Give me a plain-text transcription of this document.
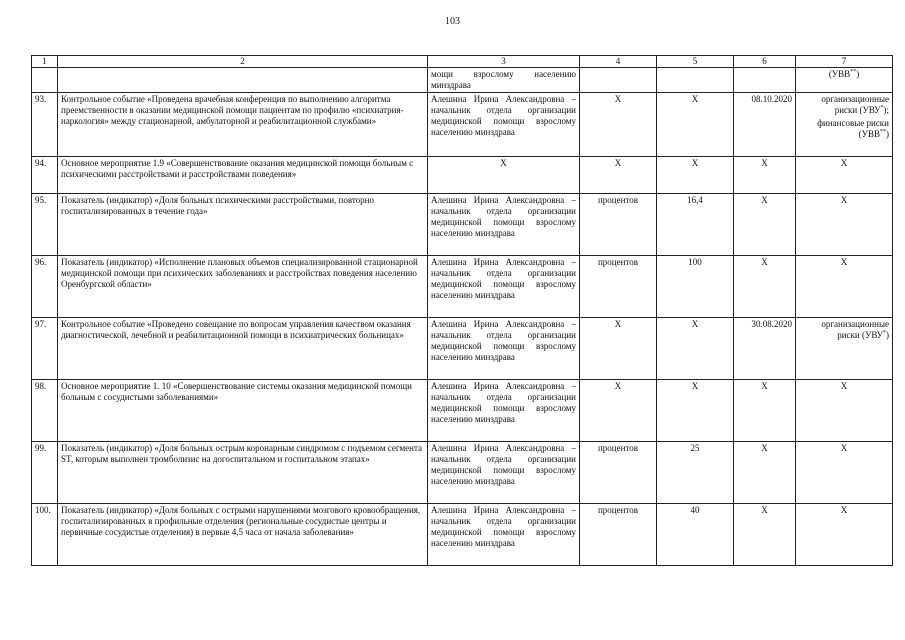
103
1	2	3	4	5	6	7
		мощи взрослому населению минздрава				(УВВ**)
93.	Контрольное событие «Проведена врачебная конференция по выполнению алгоритма преемственности в оказании медицинской помощи пациентам по профилю «психиатрия-наркология» между стационарной, амбулаторной и реабилитационной службами»	Алешина Ирина Александровна – начальник отдела организации медицинской помощи взрослому населению минздрава	Х	Х	08.10.2020	организационные риски (УВУ*); финансовые риски (УВВ**)
94.	Основное мероприятие 1.9 «Совершенствование оказания медицинской помощи больным с психическими расстройствами и расстройствами поведения»	Х	Х	Х	Х	Х
95.	Показатель (индикатор) «Доля больных психическими расстройствами, повторно госпитализированных в течение года»	Алешина Ирина Александровна – начальник отдела организации медицинской помощи взрослому населению минздрава	процентов	16,4	Х	Х
96.	Показатель (индикатор) «Исполнение плановых объемов специализированной стационарной медицинской помощи при психических заболеваниях и расстройствах поведения населению Оренбургской области»	Алешина Ирина Александровна – начальник отдела организации медицинской помощи взрослому населению минздрава	процентов	100	Х	Х
97.	Контрольное событие «Проведено совещание по вопросам управления качеством оказания диагностической, лечебной и реабилитационной помощи в психиатрических больницах»	Алешина Ирина Александровна – начальник отдела организации медицинской помощи взрослому населению минздрава	Х	Х	30.08.2020	организационные риски (УВУ*)
98.	Основное мероприятие 1. 10 «Совершенствование системы оказания медицинской помощи больным с сосудистыми заболеваниями»	Алешина Ирина Александровна – начальник отдела организации медицинской помощи взрослому населению минздрава	Х	Х	Х	Х
99.	Показатель (индикатор) «Доля больных острым коронарным синдромом с подъемом сегмента ST, которым выполнен тромболизис на догоспитальном и госпитальном этапах»	Алешина Ирина Александровна – начальник отдела организации медицинской помощи взрослому населению минздрава	процентов	25	Х	Х
100.	Показатель (индикатор) «Доля больных с острыми нарушениями мозгового кровообращения, госпитализированных в профильные отделения (региональные сосудистые центры и первичные сосудистые отделения) в первые 4,5 часа от начала заболевания»	Алешина Ирина Александровна – начальник отдела организации медицинской помощи взрослому населению минздрава	процентов	40	Х	Х
